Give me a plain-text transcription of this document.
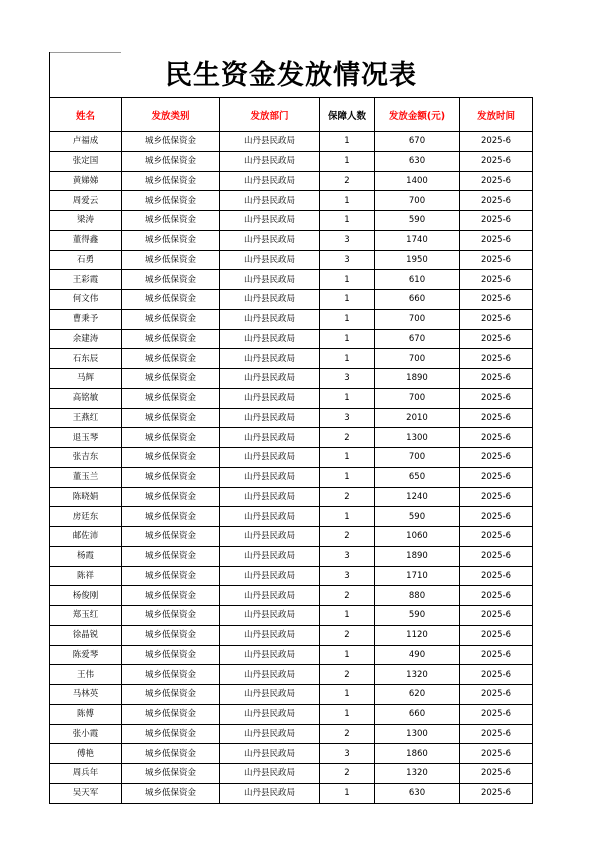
民生资金发放情况表
姓名	发放类别	发放部门	保障人数	发放金额(元)	发放时间
卢福成	城乡低保资金	山丹县民政局	1	670	2025-6
张定国	城乡低保资金	山丹县民政局	1	630	2025-6
黄娣娣	城乡低保资金	山丹县民政局	2	1400	2025-6
周爱云	城乡低保资金	山丹县民政局	1	700	2025-6
梁涛	城乡低保资金	山丹县民政局	1	590	2025-6
董得鑫	城乡低保资金	山丹县民政局	3	1740	2025-6
石勇	城乡低保资金	山丹县民政局	3	1950	2025-6
王彩霞	城乡低保资金	山丹县民政局	1	610	2025-6
何文伟	城乡低保资金	山丹县民政局	1	660	2025-6
曹秉予	城乡低保资金	山丹县民政局	1	700	2025-6
余建涛	城乡低保资金	山丹县民政局	1	670	2025-6
石东辰	城乡低保资金	山丹县民政局	1	700	2025-6
马辉	城乡低保资金	山丹县民政局	3	1890	2025-6
高铭敏	城乡低保资金	山丹县民政局	1	700	2025-6
王燕红	城乡低保资金	山丹县民政局	3	2010	2025-6
退玉琴	城乡低保资金	山丹县民政局	2	1300	2025-6
张吉东	城乡低保资金	山丹县民政局	1	700	2025-6
董玉兰	城乡低保资金	山丹县民政局	1	650	2025-6
陈晓娟	城乡低保资金	山丹县民政局	2	1240	2025-6
房廷东	城乡低保资金	山丹县民政局	1	590	2025-6
邮佐沛	城乡低保资金	山丹县民政局	2	1060	2025-6
杨霞	城乡低保资金	山丹县民政局	3	1890	2025-6
陈祥	城乡低保资金	山丹县民政局	3	1710	2025-6
杨俊刚	城乡低保资金	山丹县民政局	2	880	2025-6
郑玉红	城乡低保资金	山丹县民政局	1	590	2025-6
徐晶锐	城乡低保资金	山丹县民政局	2	1120	2025-6
陈爱琴	城乡低保资金	山丹县民政局	1	490	2025-6
王伟	城乡低保资金	山丹县民政局	2	1320	2025-6
马林英	城乡低保资金	山丹县民政局	1	620	2025-6
陈傅	城乡低保资金	山丹县民政局	1	660	2025-6
张小霞	城乡低保资金	山丹县民政局	2	1300	2025-6
傅艳	城乡低保资金	山丹县民政局	3	1860	2025-6
周兵年	城乡低保资金	山丹县民政局	2	1320	2025-6
吴天军	城乡低保资金	山丹县民政局	1	630	2025-6
